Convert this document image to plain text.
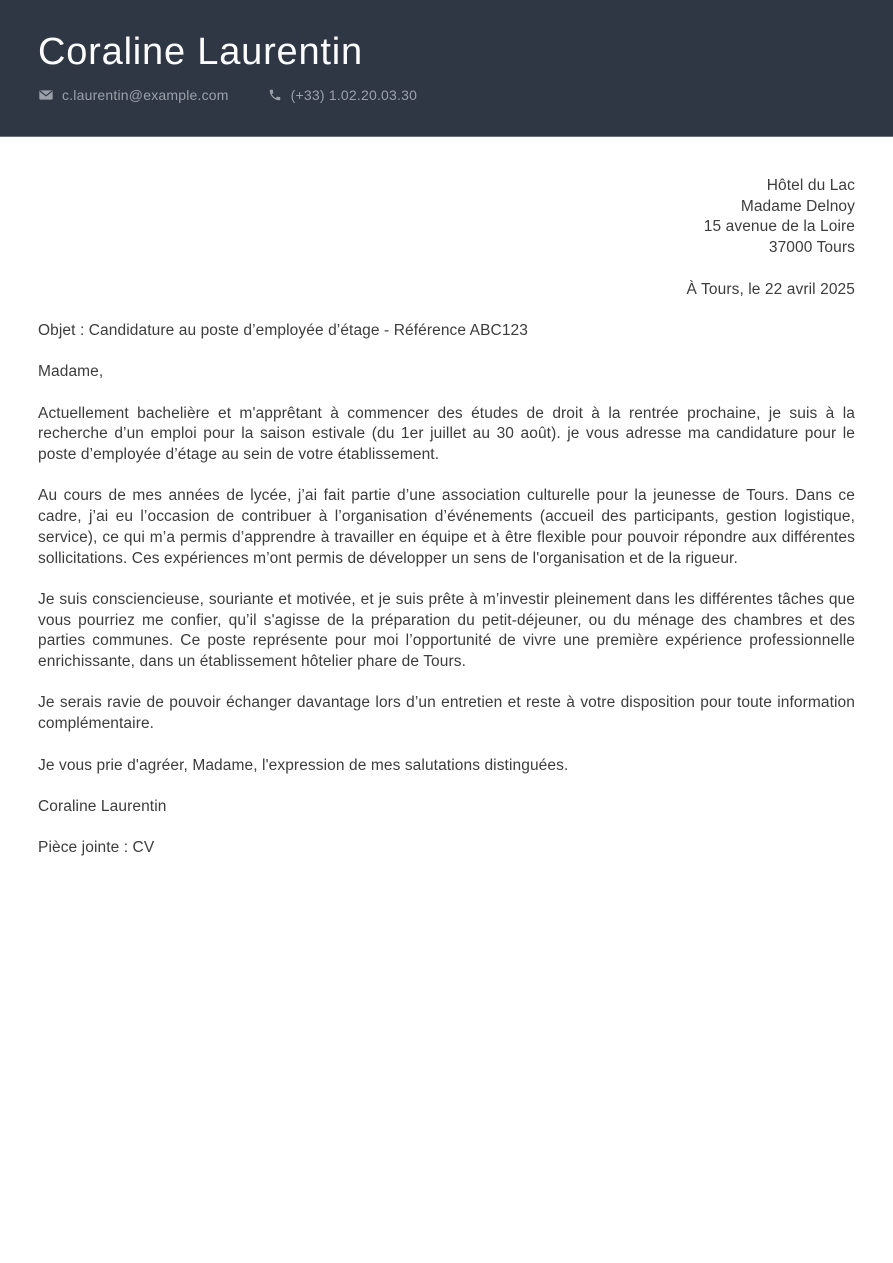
Coraline Laurentin
c.laurentin@example.com	(+33) 1.02.20.03.30
Hôtel du Lac
Madame Delnoy
15 avenue de la Loire
37000 Tours

À Tours, le 22 avril 2025

Objet : Candidature au poste d’employée d’étage - Référence ABC123

Madame,

Actuellement bachelière et m'apprêtant à commencer des études de droit à la rentrée prochaine, je suis à la recherche d’un emploi pour la saison estivale (du 1er juillet au 30 août). je vous adresse ma candidature pour le poste d’employée d’étage au sein de votre établissement.

Au cours de mes années de lycée, j’ai fait partie d’une association culturelle pour la jeunesse de Tours. Dans ce cadre, j’ai eu l’occasion de contribuer à l’organisation d’événements (accueil des participants, gestion logistique, service), ce qui m’a permis d’apprendre à travailler en équipe et à être flexible pour pouvoir répondre aux différentes sollicitations. Ces expériences m’ont permis de développer un sens de l'organisation et de la rigueur.

Je suis consciencieuse, souriante et motivée, et je suis prête à m’investir pleinement dans les différentes tâches que vous pourriez me confier, qu’il s'agisse de la préparation du petit-déjeuner, ou du ménage des chambres et des parties communes. Ce poste représente pour moi l’opportunité de vivre une première expérience professionnelle enrichissante, dans un établissement hôtelier phare de Tours.

Je serais ravie de pouvoir échanger davantage lors d’un entretien et reste à votre disposition pour toute information complémentaire.

Je vous prie d'agréer, Madame, l'expression de mes salutations distinguées.

Coraline Laurentin

Pièce jointe : CV
